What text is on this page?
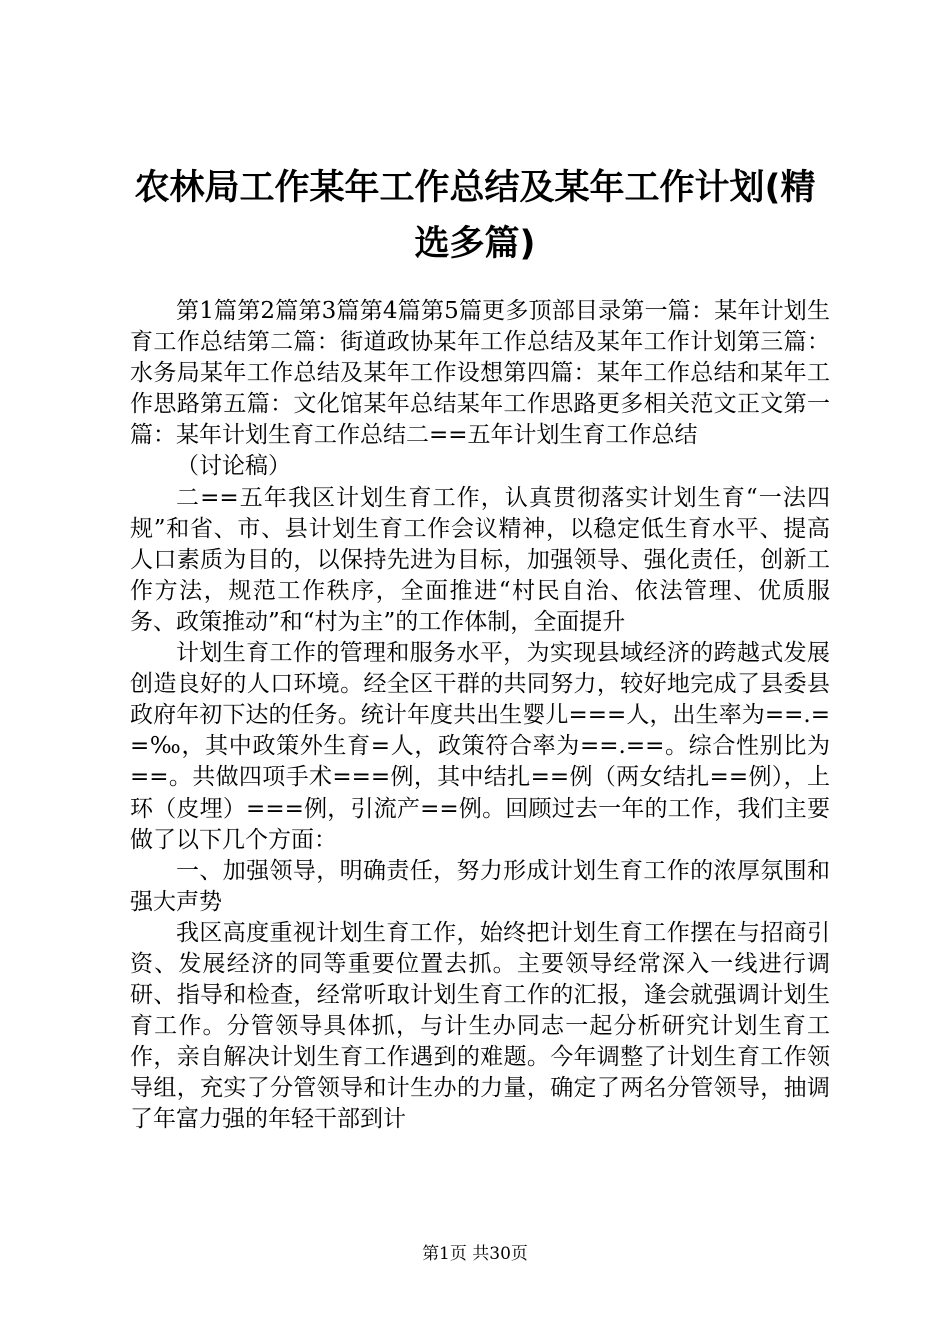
农林局工作某年工作总结及某年工作计划(精选多篇)

第1篇第2篇第3篇第4篇第5篇更多顶部目录第一篇：某年计划生育工作总结第二篇：街道政协某年工作总结及某年工作计划第三篇：水务局某年工作总结及某年工作设想第四篇：某年工作总结和某年工作思路第五篇：文化馆某年总结某年工作思路更多相关范文正文第一篇：某年计划生育工作总结二==五年计划生育工作总结

（讨论稿）

二==五年我区计划生育工作，认真贯彻落实计划生育“一法四规”和省、市、县计划生育工作会议精神，以稳定低生育水平、提高人口素质为目的，以保持先进为目标，加强领导、强化责任，创新工作方法，规范工作秩序，全面推进“村民自治、依法管理、优质服务、政策推动”和“村为主”的工作体制，全面提升

计划生育工作的管理和服务水平，为实现县域经济的跨越式发展创造良好的人口环境。经全区干群的共同努力，较好地完成了县委县政府年初下达的任务。统计年度共出生婴儿===人，出生率为==.==‰，其中政策外生育=人，政策符合率为==.==。综合性别比为==。共做四项手术===例，其中结扎==例（两女结扎==例），上环（皮埋）===例，引流产==例。回顾过去一年的工作，我们主要做了以下几个方面：

一、加强领导，明确责任，努力形成计划生育工作的浓厚氛围和强大声势

我区高度重视计划生育工作，始终把计划生育工作摆在与招商引资、发展经济的同等重要位置去抓。主要领导经常深入一线进行调研、指导和检查，经常听取计划生育工作的汇报，逢会就强调计划生育工作。分管领导具体抓，与计生办同志一起分析研究计划生育工作，亲自解决计划生育工作遇到的难题。今年调整了计划生育工作领导组，充实了分管领导和计生办的力量，确定了两名分管领导，抽调了年富力强的年轻干部到计

第1页 共30页
